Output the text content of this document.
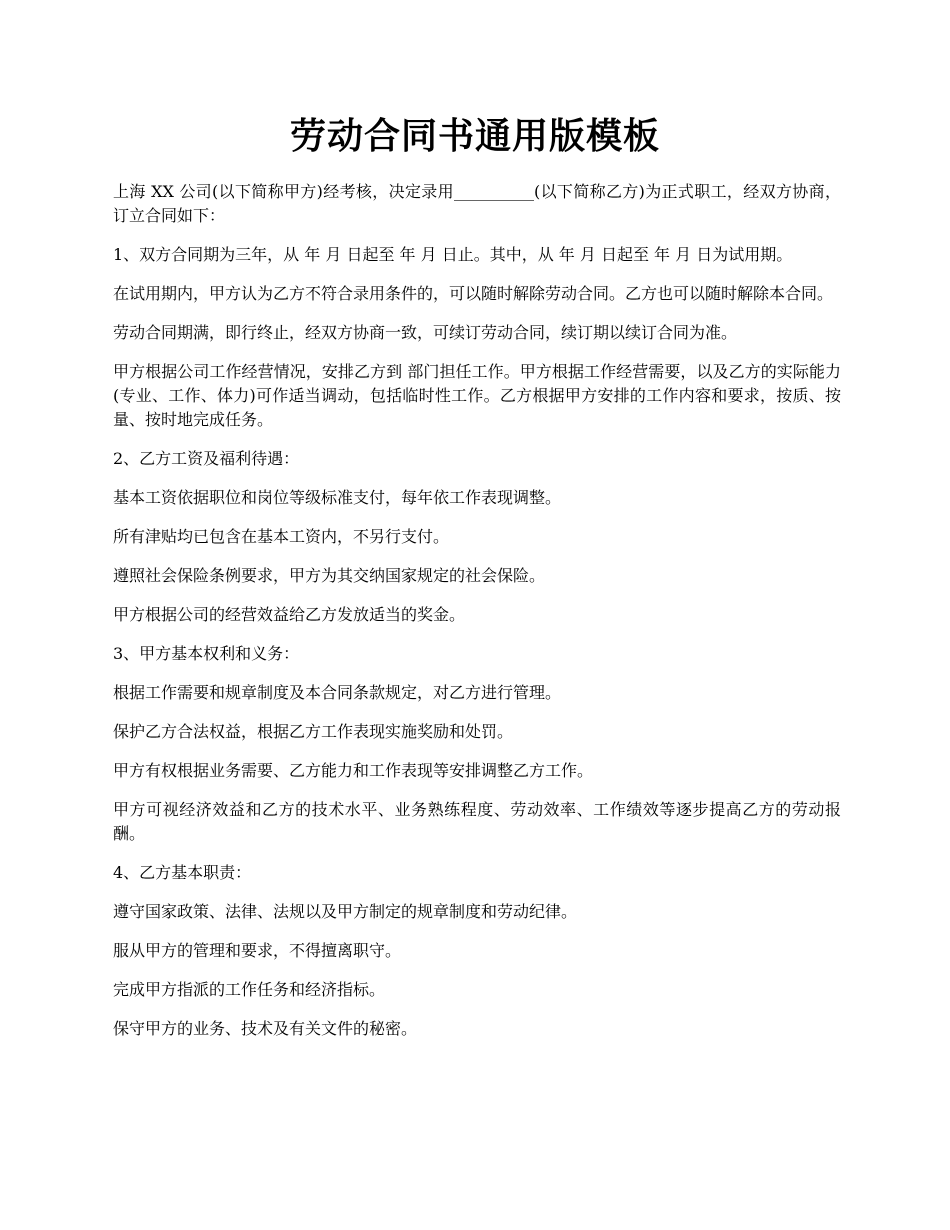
劳动合同书通用版模板

上海 XX 公司(以下简称甲方)经考核，决定录用__________(以下简称乙方)为正式职工，经双方协商，订立合同如下：

1、双方合同期为三年，从 年 月 日起至 年 月 日止。其中，从 年 月 日起至 年 月 日为试用期。

在试用期内，甲方认为乙方不符合录用条件的，可以随时解除劳动合同。乙方也可以随时解除本合同。

劳动合同期满，即行终止，经双方协商一致，可续订劳动合同，续订期以续订合同为准。

甲方根据公司工作经营情况，安排乙方到 部门担任工作。甲方根据工作经营需要，以及乙方的实际能力(专业、工作、体力)可作适当调动，包括临时性工作。乙方根据甲方安排的工作内容和要求，按质、按量、按时地完成任务。

2、乙方工资及福利待遇：

基本工资依据职位和岗位等级标准支付，每年依工作表现调整。

所有津贴均已包含在基本工资内，不另行支付。

遵照社会保险条例要求，甲方为其交纳国家规定的社会保险。

甲方根据公司的经营效益给乙方发放适当的奖金。

3、甲方基本权利和义务：

根据工作需要和规章制度及本合同条款规定，对乙方进行管理。

保护乙方合法权益，根据乙方工作表现实施奖励和处罚。

甲方有权根据业务需要、乙方能力和工作表现等安排调整乙方工作。

甲方可视经济效益和乙方的技术水平、业务熟练程度、劳动效率、工作绩效等逐步提高乙方的劳动报酬。

4、乙方基本职责：

遵守国家政策、法律、法规以及甲方制定的规章制度和劳动纪律。

服从甲方的管理和要求，不得擅离职守。

完成甲方指派的工作任务和经济指标。

保守甲方的业务、技术及有关文件的秘密。
